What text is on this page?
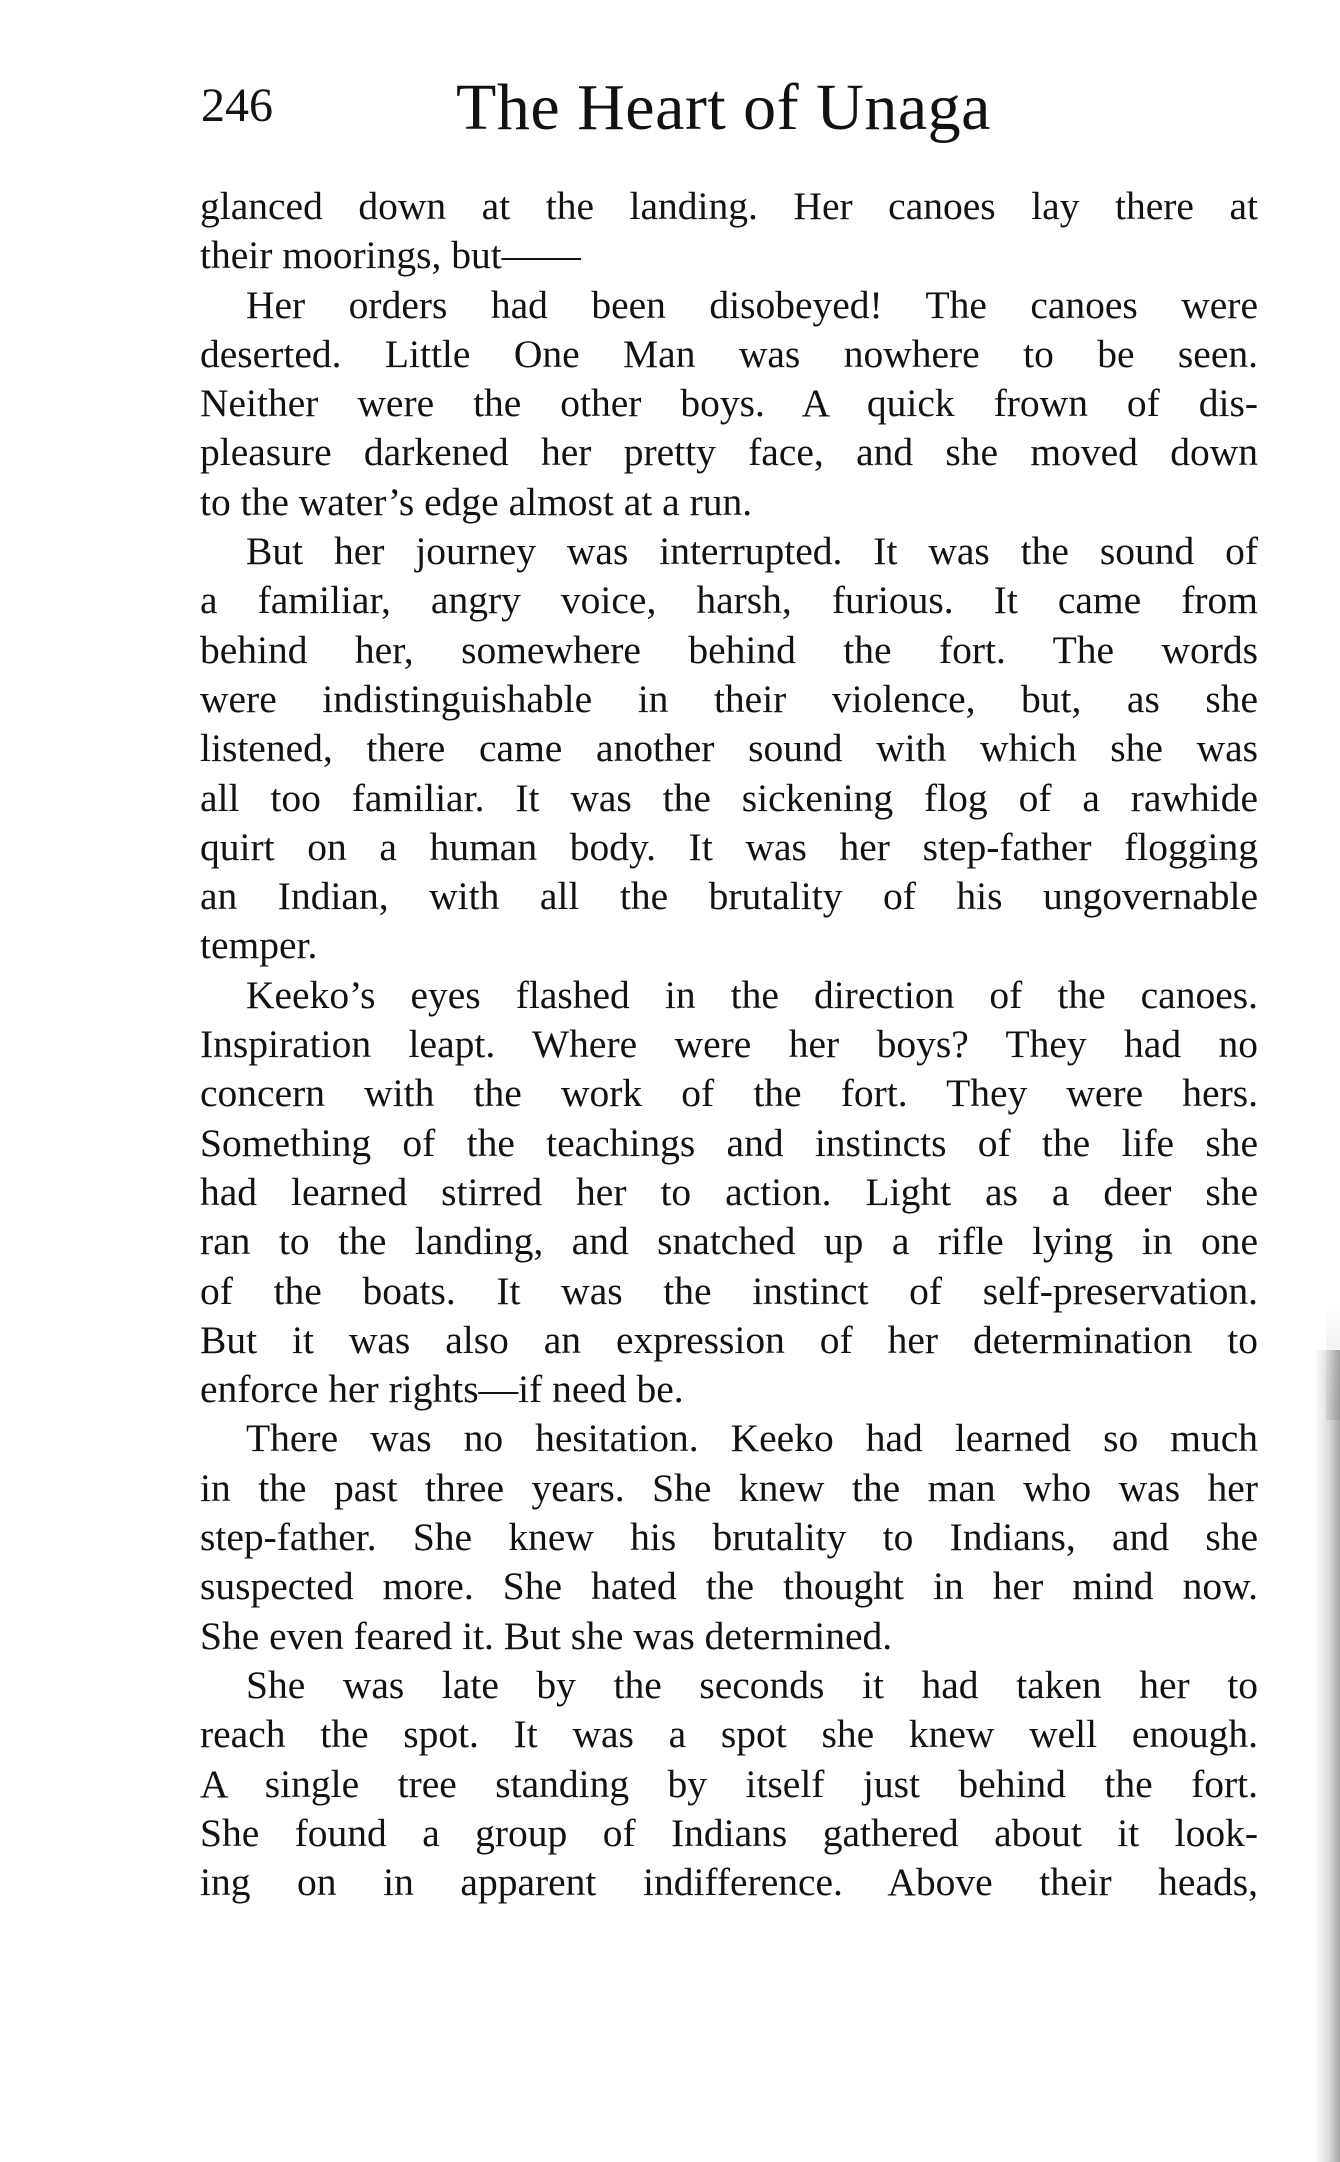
246	The Heart of Unaga
glanced down at the landing. Her canoes lay there at
their moorings, but——
Her orders had been disobeyed! The canoes were
deserted. Little One Man was nowhere to be seen.
Neither were the other boys. A quick frown of dis-
pleasure darkened her pretty face, and she moved down
to the water’s edge almost at a run.
But her journey was interrupted. It was the sound of
a familiar, angry voice, harsh, furious. It came from
behind her, somewhere behind the fort. The words
were indistinguishable in their violence, but, as she
listened, there came another sound with which she was
all too familiar. It was the sickening flog of a rawhide
quirt on a human body. It was her step-father flogging
an Indian, with all the brutality of his ungovernable
temper.
Keeko’s eyes flashed in the direction of the canoes.
Inspiration leapt. Where were her boys? They had no
concern with the work of the fort. They were hers.
Something of the teachings and instincts of the life she
had learned stirred her to action. Light as a deer she
ran to the landing, and snatched up a rifle lying in one
of the boats. It was the instinct of self-preservation.
But it was also an expression of her determination to
enforce her rights—if need be.
There was no hesitation. Keeko had learned so much
in the past three years. She knew the man who was her
step-father. She knew his brutality to Indians, and she
suspected more. She hated the thought in her mind now.
She even feared it. But she was determined.
She was late by the seconds it had taken her to
reach the spot. It was a spot she knew well enough.
A single tree standing by itself just behind the fort.
She found a group of Indians gathered about it look-
ing on in apparent indifference. Above their heads,
